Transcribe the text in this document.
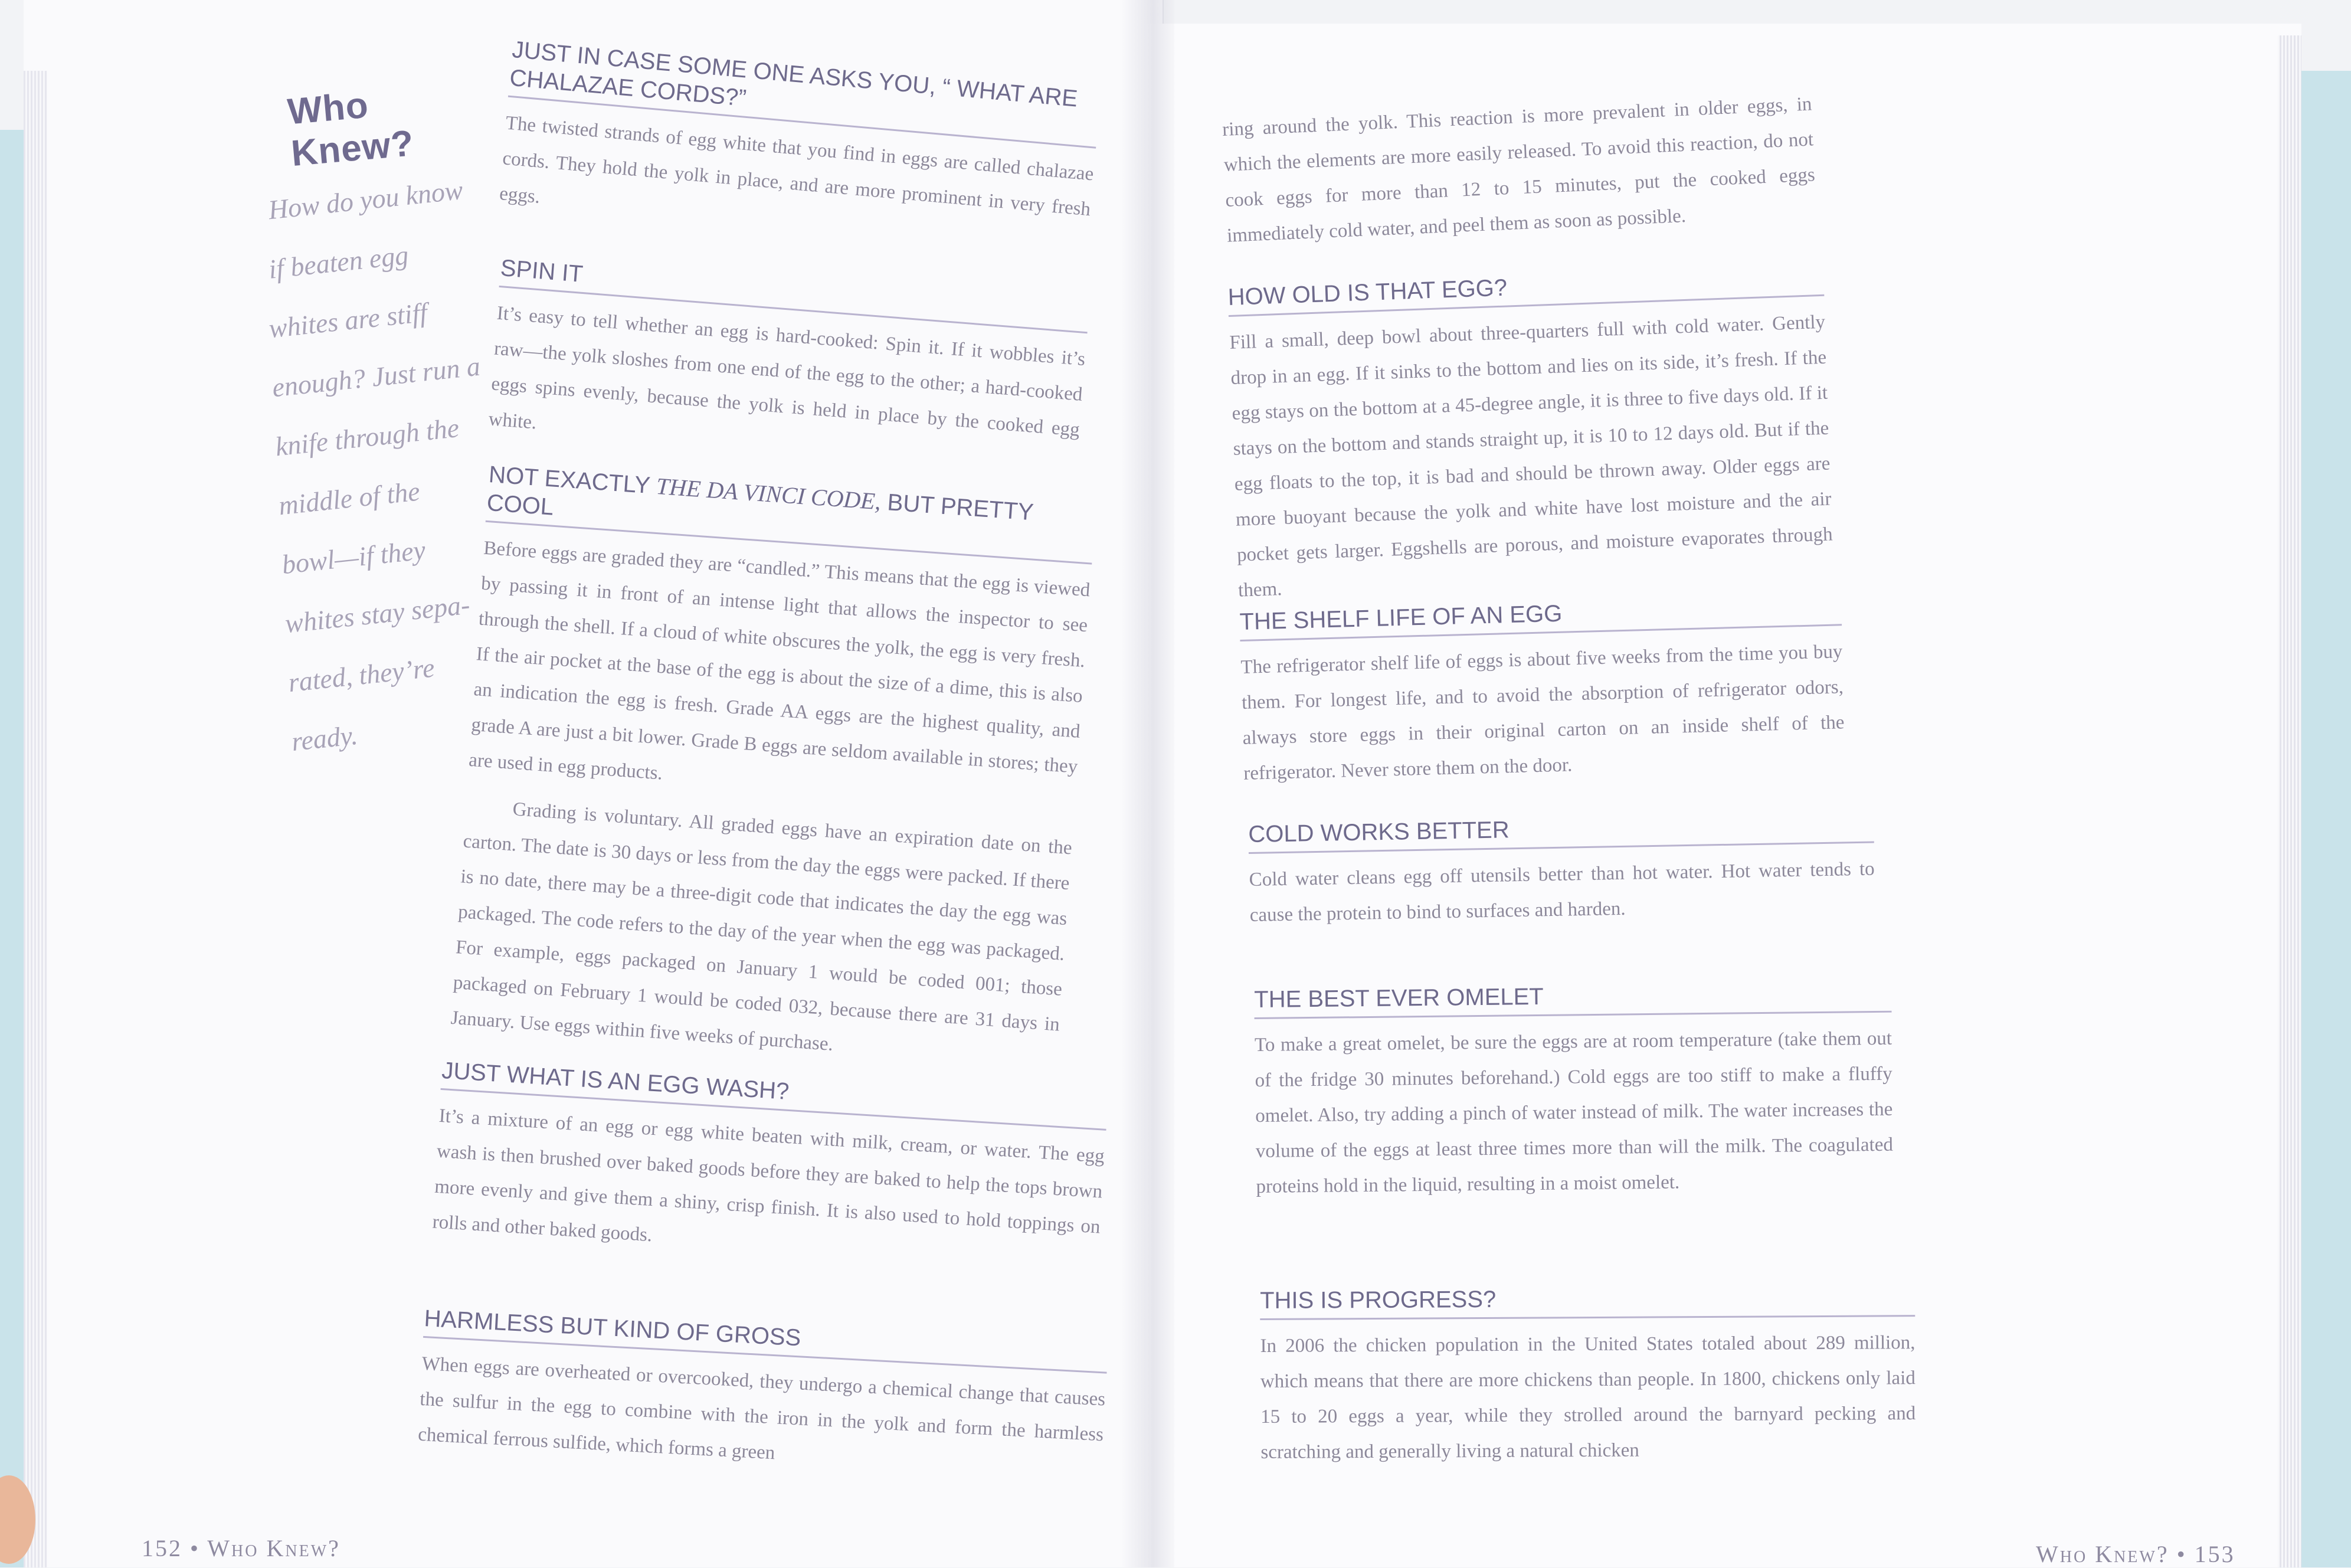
Who Knew?
How do you know
if beaten egg
whites are stiff
enough? Just run a
knife through the
middle of the
bowl—if they
whites stay sepa-
rated, they’re
ready.
JUST IN CASE SOME ONE ASKS YOU, “ WHAT ARE CHALAZAE CORDS?”
The twisted strands of egg white that you find in eggs are called chalazae cords. They hold the yolk in place, and are more prominent in very fresh eggs.
SPIN IT
It’s easy to tell whether an egg is hard-cooked: Spin it. If it wobbles it’s raw—the yolk sloshes from one end of the egg to the other; a hard-cooked eggs spins evenly, because the yolk is held in place by the cooked egg white.
NOT EXACTLY THE DA VINCI CODE, BUT PRETTY COOL
Before eggs are graded they are “candled.” This means that the egg is viewed by passing it in front of an intense light that allows the inspector to see through the shell. If a cloud of white obscures the yolk, the egg is very fresh. If the air pocket at the base of the egg is about the size of a dime, this is also an indication the egg is fresh. Grade AA eggs are the highest quality, and grade A are just a bit lower. Grade B eggs are seldom available in stores; they are used in egg products.
Grading is voluntary. All graded eggs have an expiration date on the carton. The date is 30 days or less from the day the eggs were packed. If there is no date, there may be a three-digit code that indicates the day the egg was packaged. The code refers to the day of the year when the egg was packaged. For example, eggs packaged on January 1 would be coded 001; those packaged on February 1 would be coded 032, because there are 31 days in January. Use eggs within five weeks of purchase.
JUST WHAT IS AN EGG WASH?
It’s a mixture of an egg or egg white beaten with milk, cream, or water. The egg wash is then brushed over baked goods before they are baked to help the tops brown more evenly and give them a shiny, crisp finish. It is also used to hold toppings on rolls and other baked goods.
HARMLESS BUT KIND OF GROSS
When eggs are overheated or overcooked, they undergo a chemical change that causes the sulfur in the egg to combine with the iron in the yolk and form the harmless chemical ferrous sulfide, which forms a green
152 • Who Knew?
ring around the yolk. This reaction is more prevalent in older eggs, in which the elements are more easily released. To avoid this reaction, do not cook eggs for more than 12 to 15 minutes, put the cooked eggs immediately cold water, and peel them as soon as possible.
HOW OLD IS THAT EGG?
Fill a small, deep bowl about three-quarters full with cold water. Gently drop in an egg. If it sinks to the bottom and lies on its side, it’s fresh. If the egg stays on the bottom at a 45-degree angle, it is three to five days old. If it stays on the bottom and stands straight up, it is 10 to 12 days old. But if the egg floats to the top, it is bad and should be thrown away. Older eggs are more buoyant because the yolk and white have lost moisture and the air pocket gets larger. Eggshells are porous, and moisture evaporates through them.
THE SHELF LIFE OF AN EGG
The refrigerator shelf life of eggs is about five weeks from the time you buy them. For longest life, and to avoid the absorption of refrigerator odors, always store eggs in their original carton on an inside shelf of the refrigerator. Never store them on the door.
COLD WORKS BETTER
Cold water cleans egg off utensils better than hot water. Hot water tends to cause the protein to bind to surfaces and harden.
THE BEST EVER OMELET
To make a great omelet, be sure the eggs are at room temperature (take them out of the fridge 30 minutes beforehand.) Cold eggs are too stiff to make a fluffy omelet. Also, try adding a pinch of water instead of milk. The water increases the volume of the eggs at least three times more than will the milk. The coagulated proteins hold in the liquid, resulting in a moist omelet.
THIS IS PROGRESS?
In 2006 the chicken population in the United States totaled about 289 million, which means that there are more chickens than people. In 1800, chickens only laid 15 to 20 eggs a year, while they strolled around the barnyard pecking and scratching and generally living a natural chicken
Who Knew? • 153
